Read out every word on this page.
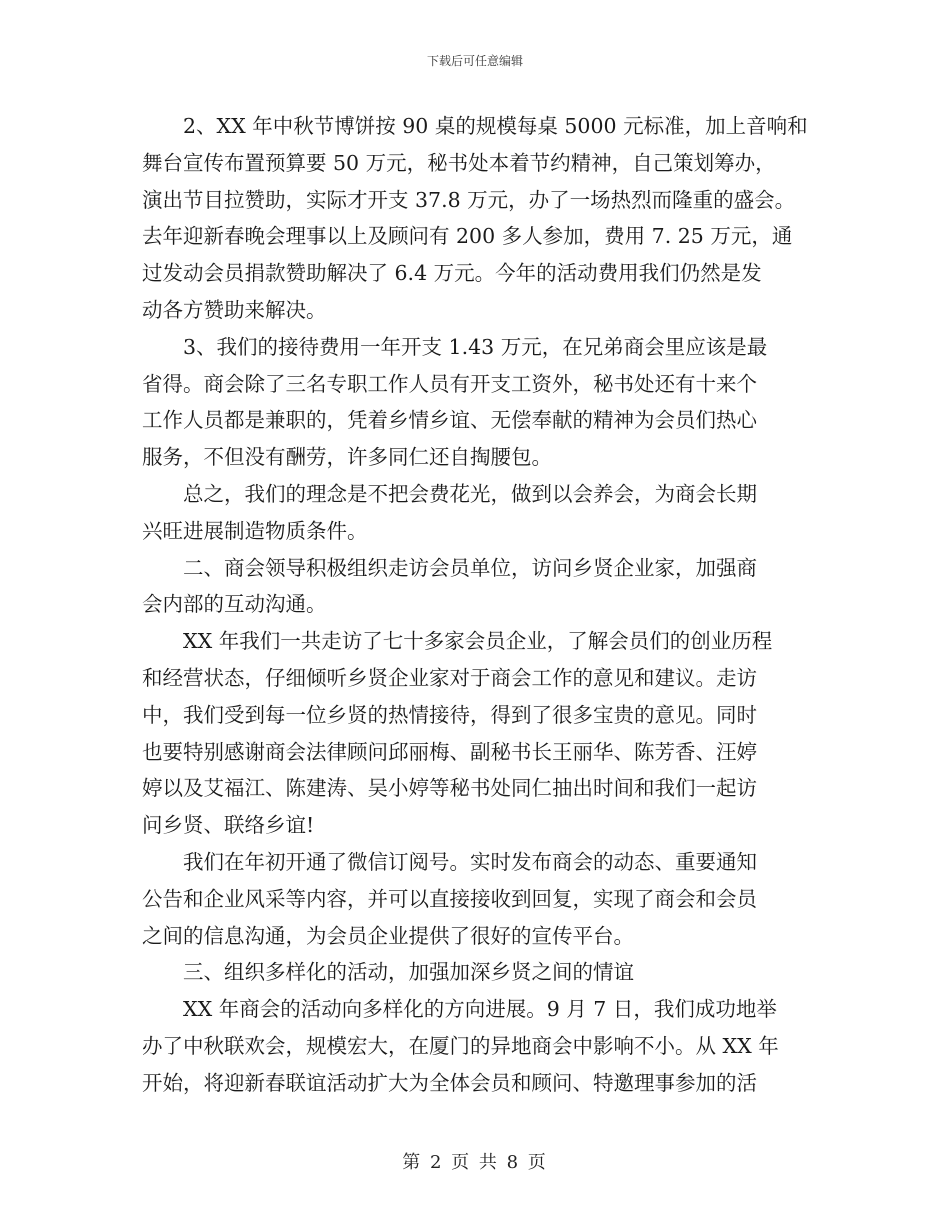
下载后可任意编辑
　　2、XX 年中秋节博饼按 90 桌的规模每桌 5000 元标准，加上音响和
舞台宣传布置预算要 50 万元，秘书处本着节约精神，自己策划筹办，
演出节目拉赞助，实际才开支 37.8 万元，办了一场热烈而隆重的盛会。
去年迎新春晚会理事以上及顾问有 200 多人参加，费用 7. 25 万元，通
过发动会员捐款赞助解决了 6.4 万元。今年的活动费用我们仍然是发
动各方赞助来解决。
　　3、我们的接待费用一年开支 1.43 万元，在兄弟商会里应该是最
省得。商会除了三名专职工作人员有开支工资外，秘书处还有十来个
工作人员都是兼职的，凭着乡情乡谊、无偿奉献的精神为会员们热心
服务，不但没有酬劳，许多同仁还自掏腰包。
　　总之，我们的理念是不把会费花光，做到以会养会，为商会长期
兴旺进展制造物质条件。
　　二、商会领导积极组织走访会员单位，访问乡贤企业家，加强商
会内部的互动沟通。
　　XX 年我们一共走访了七十多家会员企业，了解会员们的创业历程
和经营状态，仔细倾听乡贤企业家对于商会工作的意见和建议。走访
中，我们受到每一位乡贤的热情接待，得到了很多宝贵的意见。同时
也要特别感谢商会法律顾问邱丽梅、副秘书长王丽华、陈芳香、汪婷
婷以及艾福江、陈建涛、吴小婷等秘书处同仁抽出时间和我们一起访
问乡贤、联络乡谊!
　　我们在年初开通了微信订阅号。实时发布商会的动态、重要通知
公告和企业风采等内容，并可以直接接收到回复，实现了商会和会员
之间的信息沟通，为会员企业提供了很好的宣传平台。
　　三、组织多样化的活动，加强加深乡贤之间的情谊
　　XX 年商会的活动向多样化的方向进展。9 月 7 日，我们成功地举
办了中秋联欢会，规模宏大，在厦门的异地商会中影响不小。从 XX 年
开始，将迎新春联谊活动扩大为全体会员和顾问、特邀理事参加的活
第 2 页 共 8 页
